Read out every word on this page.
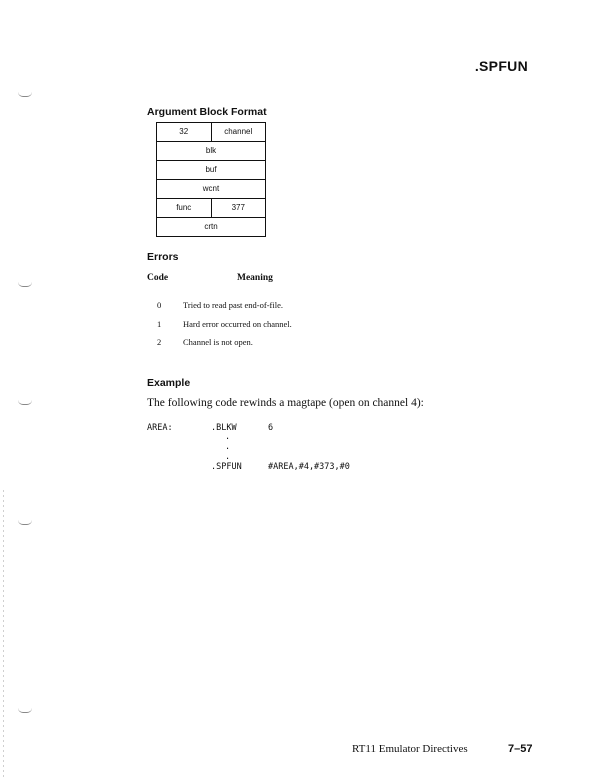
.SPFUN
Argument Block Format
32	channel
blk
buf
wcnt
func	377
crtn
Errors
Code	Meaning
0	Tried to read past end-of-file.
1	Hard error occurred on channel.
2	Channel is not open.
Example
The following code rewinds a magtape (open on channel 4):
AREA:	.BLKW	6
.
.
.
.SPFUN	#AREA,#4,#373,#0
RT11 Emulator Directives	7–57
